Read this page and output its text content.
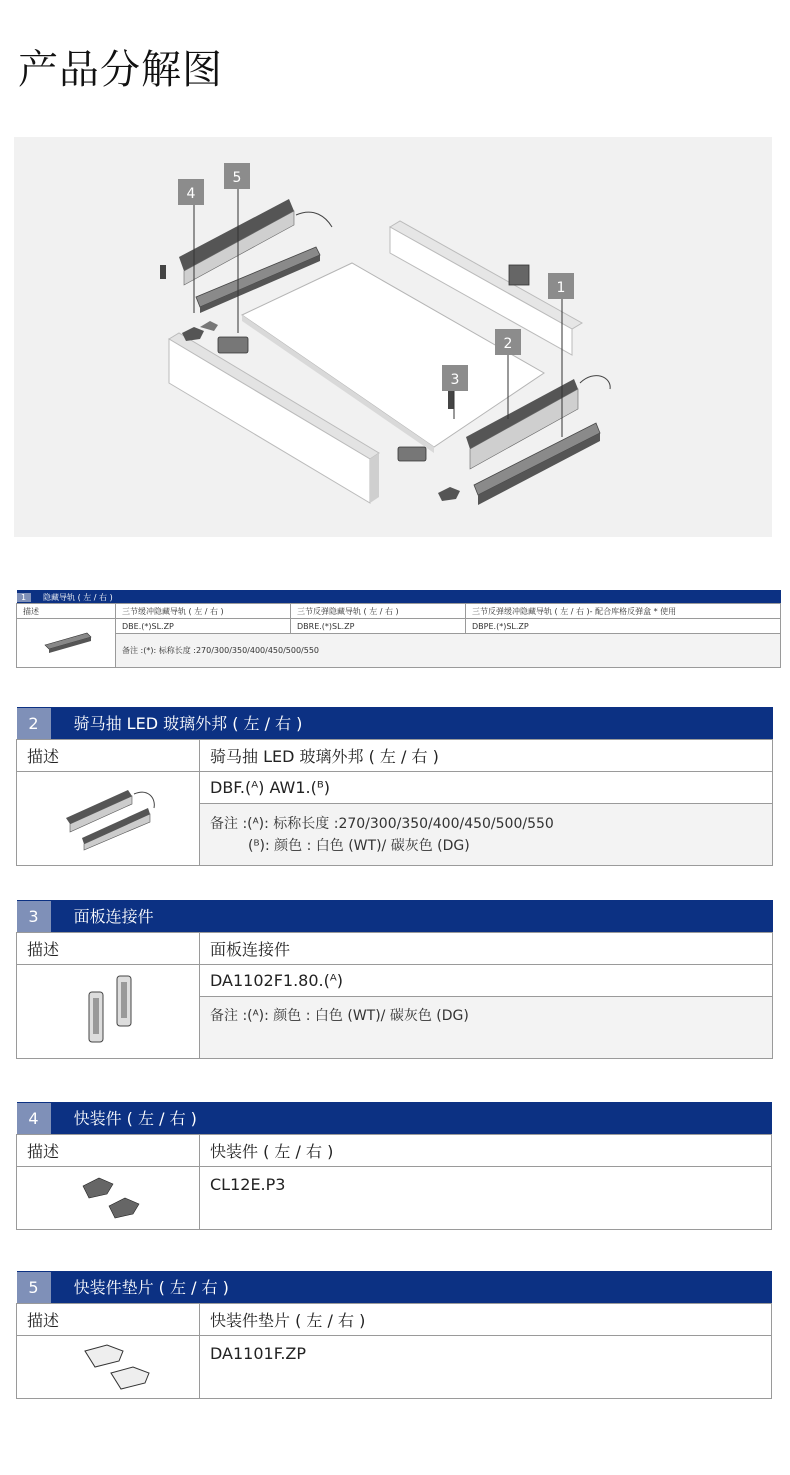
产品分解图
4
5
1
2
3
1 隐藏导轨 ( 左 / 右 )			
描述	三节缓冲隐藏导轨 ( 左 / 右 )	三节反弹隐藏导轨 ( 左 / 右 )	三节反弹缓冲隐藏导轨 ( 左 / 右 )- 配合库格反弹盒 * 使用
	DBE.(*)SL.ZP	DBRE.(*)SL.ZP	DBPE.(*)SL.ZP
	备注 :(*): 标称长度 :270/300/350/400/450/500/550		
2 骑马抽 LED 玻璃外邦 ( 左 / 右 )	
描述	骑马抽 LED 玻璃外邦 ( 左 / 右 )
	DBF.(ᴬ) AW1.(ᴮ)

	备注 :(ᴬ): 标称长度 :270/300/350/400/450/500/550
(ᴮ): 颜色 : 白色 (WT)/ 碳灰色 (DG)
3 面板连接件	
描述	面板连接件
	DA1102F1.80.(ᴬ)

	备注 :(ᴬ): 颜色 : 白色 (WT)/ 碳灰色 (DG)
4 快装件 ( 左 / 右 )	
描述	快装件 ( 左 / 右 )
	CL12E.P3
5 快装件垫片 ( 左 / 右 )	
描述	快装件垫片 ( 左 / 右 )
	DA1101F.ZP
